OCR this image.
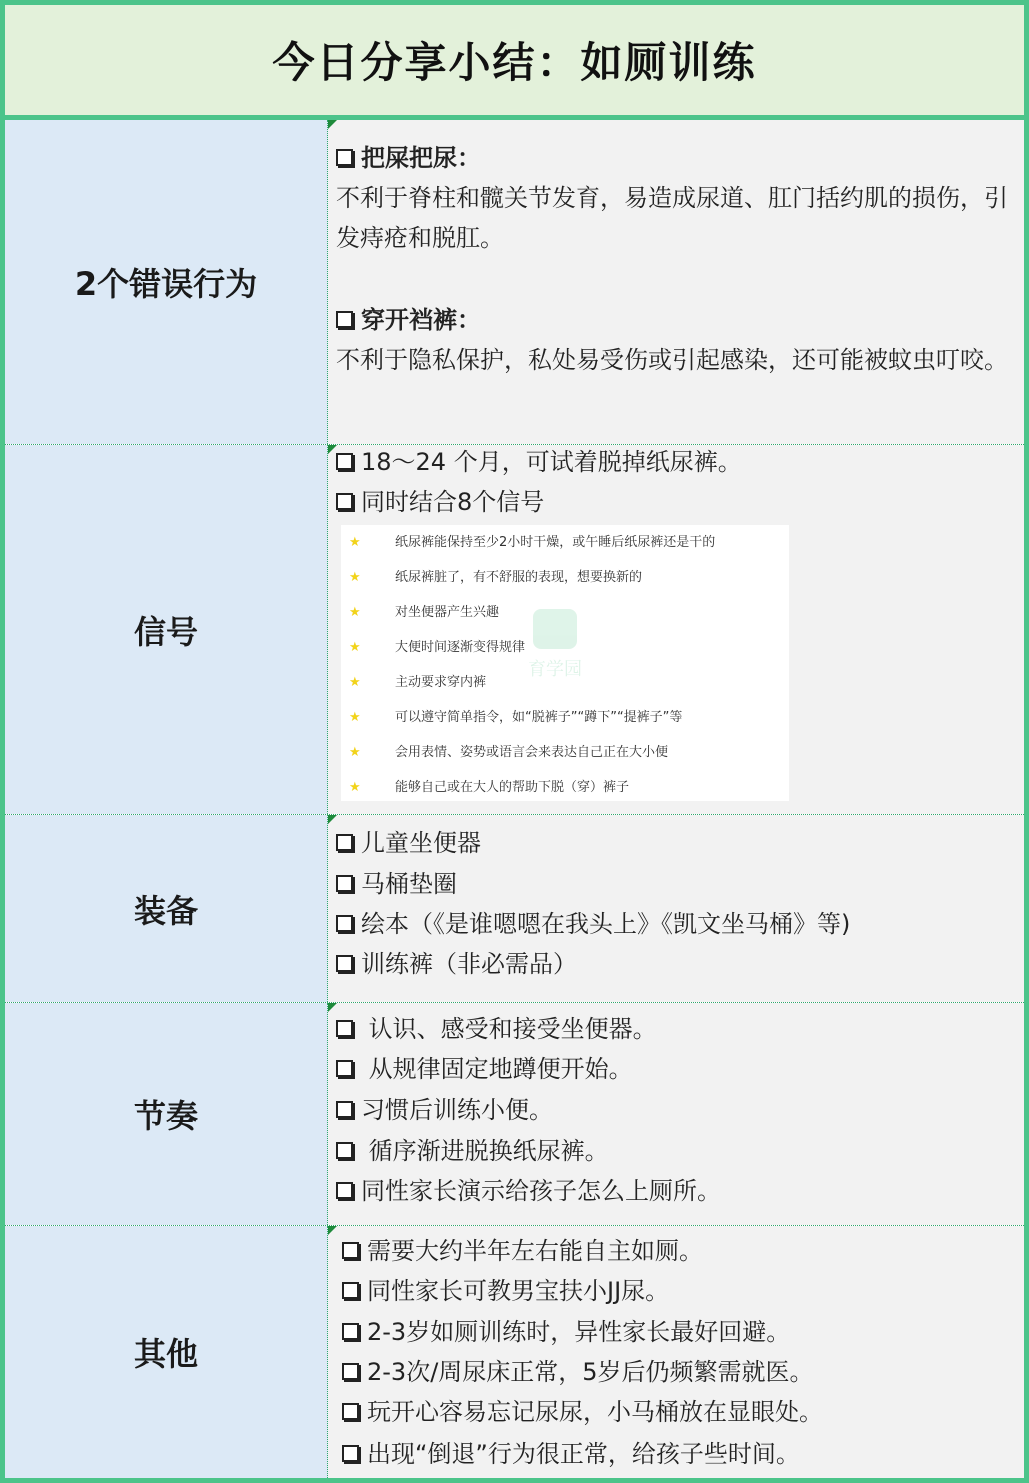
今日分享小结：如厕训练
2个错误行为
把屎把尿：
不利于脊柱和髋关节发育，易造成尿道、肛门括约肌的损伤，引发痔疮和脱肛。
穿开裆裤：
不利于隐私保护，私处易受伤或引起感染，还可能被蚊虫叮咬。
信号
18～24 个月，可试着脱掉纸尿裤。
同时结合8个信号
育学园
★	纸尿裤能保持至少2小时干燥，或午睡后纸尿裤还是干的
★	纸尿裤脏了，有不舒服的表现，想要换新的
★	对坐便器产生兴趣
★	大便时间逐渐变得规律
★	主动要求穿内裤
★	可以遵守简单指令，如“脱裤子”“蹲下”“提裤子”等
★	会用表情、姿势或语言会来表达自己正在大小便
★	能够自己或在大人的帮助下脱（穿）裤子
装备
儿童坐便器
马桶垫圈
绘本（《是谁嗯嗯在我头上》《凯文坐马桶》等)
训练裤（非必需品）
节奏
认识、感受和接受坐便器。
从规律固定地蹲便开始。
习惯后训练小便。
循序渐进脱换纸尿裤。
同性家长演示给孩子怎么上厕所。
其他
需要大约半年左右能自主如厕。
同性家长可教男宝扶小JJ尿。
2-3岁如厕训练时，异性家长最好回避。
2-3次/周尿床正常，5岁后仍频繁需就医。
玩开心容易忘记尿尿，小马桶放在显眼处。
出现“倒退”行为很正常，给孩子些时间。
